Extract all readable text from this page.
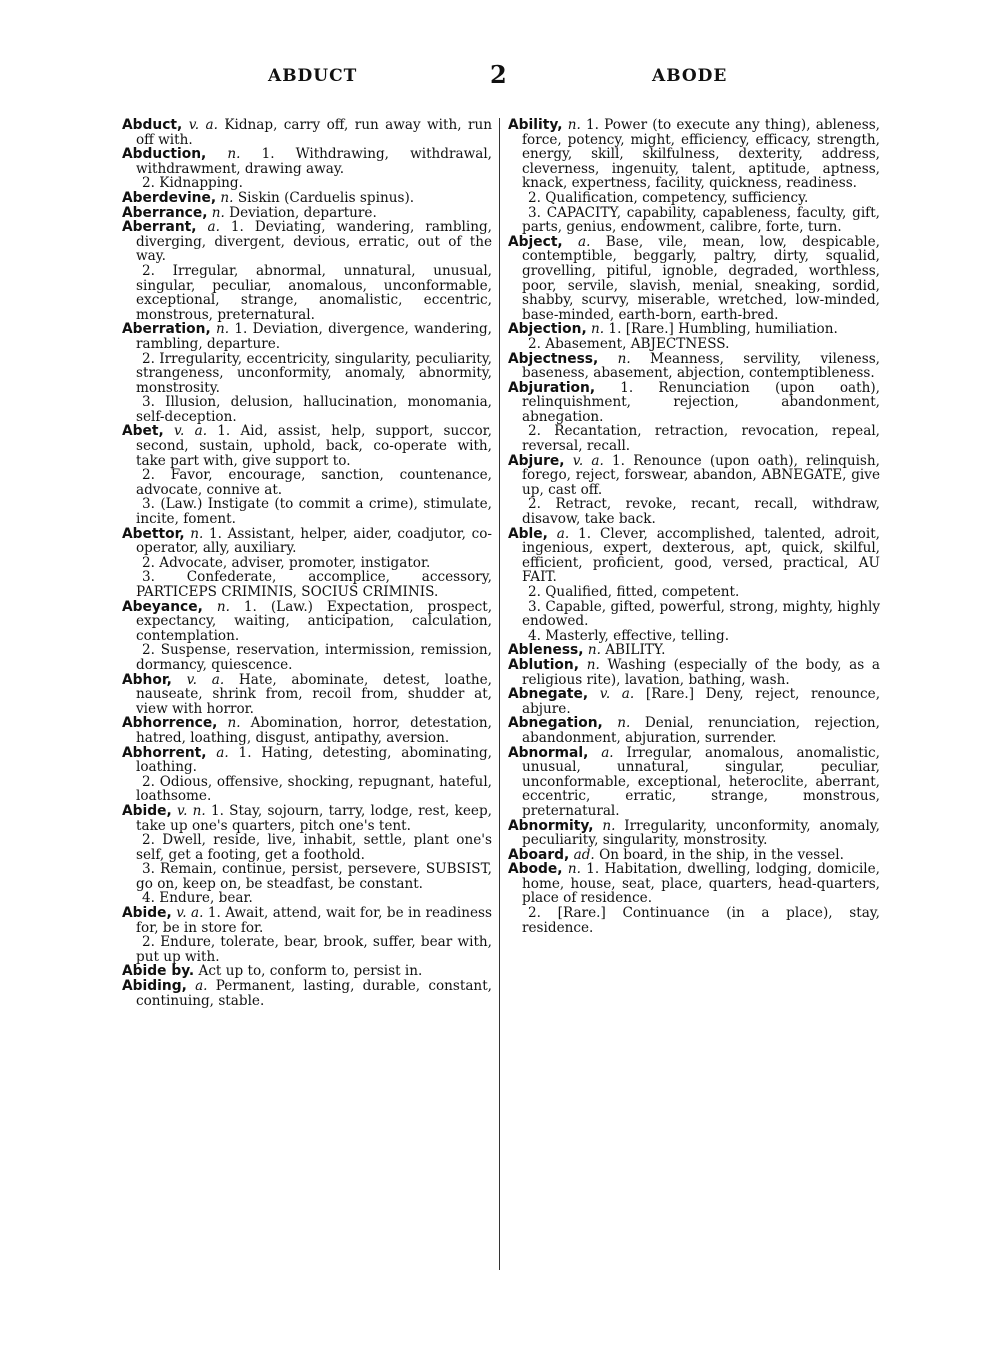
ABDUCT	2	ABODE

Abduct, v. a. Kidnap, carry off, run away with, run off with.

Abduction, n. 1. Withdrawing, withdrawal, withdrawment, drawing away.

2. Kidnapping.

Aberdevine, n. Siskin (Carduelis spinus).

Aberrance, n. Deviation, departure.

Aberrant, a. 1. Deviating, wandering, rambling, diverging, divergent, devious, erratic, out of the way.

2. Irregular, abnormal, unnatural, unusual, singular, peculiar, anomalous, unconformable, exceptional, strange, anomalistic, eccentric, monstrous, preternatural.

Aberration, n. 1. Deviation, divergence, wandering, rambling, departure.

2. Irregularity, eccentricity, singularity, peculiarity, strangeness, unconformity, anomaly, abnormity, monstrosity.

3. Illusion, delusion, hallucination, monomania, self-deception.

Abet, v. a. 1. Aid, assist, help, support, succor, second, sustain, uphold, back, co-operate with, take part with, give support to.

2. Favor, encourage, sanction, countenance, advocate, connive at.

3. (Law.) Instigate (to commit a crime), stimulate, incite, foment.

Abettor, n. 1. Assistant, helper, aider, coadjutor, co-operator, ally, auxiliary.

2. Advocate, adviser, promoter, instigator.

3. Confederate, accomplice, accessory, PARTICEPS CRIMINIS, SOCIUS CRIMINIS.

Abeyance, n. 1. (Law.) Expectation, prospect, expectancy, waiting, anticipation, calculation, contemplation.

2. Suspense, reservation, intermission, remission, dormancy, quiescence.

Abhor, v. a. Hate, abominate, detest, loathe, nauseate, shrink from, recoil from, shudder at, view with horror.

Abhorrence, n. Abomination, horror, detestation, hatred, loathing, disgust, antipathy, aversion.

Abhorrent, a. 1. Hating, detesting, abominating, loathing.

2. Odious, offensive, shocking, repugnant, hateful, loathsome.

Abide, v. n. 1. Stay, sojourn, tarry, lodge, rest, keep, take up one's quarters, pitch one's tent.

2. Dwell, reside, live, inhabit, settle, plant one's self, get a footing, get a foothold.

3. Remain, continue, persist, persevere, SUBSIST, go on, keep on, be steadfast, be constant.

4. Endure, bear.

Abide, v. a. 1. Await, attend, wait for, be in readiness for, be in store for.

2. Endure, tolerate, bear, brook, suffer, bear with, put up with.

Abide by. Act up to, conform to, persist in.

Abiding, a. Permanent, lasting, durable, constant, continuing, stable.

Ability, n. 1. Power (to execute any thing), ableness, force, potency, might, efficiency, efficacy, strength, energy, skill, skilfulness, dexterity, address, cleverness, ingenuity, talent, aptitude, aptness, knack, expertness, facility, quickness, readiness.

2. Qualification, competency, sufficiency.

3. CAPACITY, capability, capableness, faculty, gift, parts, genius, endowment, calibre, forte, turn.

Abject, a. Base, vile, mean, low, despicable, contemptible, beggarly, paltry, dirty, squalid, grovelling, pitiful, ignoble, degraded, worthless, poor, servile, slavish, menial, sneaking, sordid, shabby, scurvy, miserable, wretched, low-minded, base-minded, earth-born, earth-bred.

Abjection, n. 1. [Rare.] Humbling, humiliation.

2. Abasement, ABJECTNESS.

Abjectness, n. Meanness, servility, vileness, baseness, abasement, abjection, contemptibleness.

Abjuration, 1. Renunciation (upon oath), relinquishment, rejection, abandonment, abnegation.

2. Recantation, retraction, revocation, repeal, reversal, recall.

Abjure, v. a. 1. Renounce (upon oath), relinquish, forego, reject, forswear, abandon, ABNEGATE, give up, cast off.

2. Retract, revoke, recant, recall, withdraw, disavow, take back.

Able, a. 1. Clever, accomplished, talented, adroit, ingenious, expert, dexterous, apt, quick, skilful, efficient, proficient, good, versed, practical, AU FAIT.

2. Qualified, fitted, competent.

3. Capable, gifted, powerful, strong, mighty, highly endowed.

4. Masterly, effective, telling.

Ableness, n. ABILITY.

Ablution, n. Washing (especially of the body, as a religious rite), lavation, bathing, wash.

Abnegate, v. a. [Rare.] Deny, reject, renounce, abjure.

Abnegation, n. Denial, renunciation, rejection, abandonment, abjuration, surrender.

Abnormal, a. Irregular, anomalous, anomalistic, unusual, unnatural, singular, peculiar, unconformable, exceptional, heteroclite, aberrant, eccentric, erratic, strange, monstrous, preternatural.

Abnormity, n. Irregularity, unconformity, anomaly, peculiarity, singularity, monstrosity.

Aboard, ad. On board, in the ship, in the vessel.

Abode, n. 1. Habitation, dwelling, lodging, domicile, home, house, seat, place, quarters, head-quarters, place of residence.

2. [Rare.] Continuance (in a place), stay, residence.
